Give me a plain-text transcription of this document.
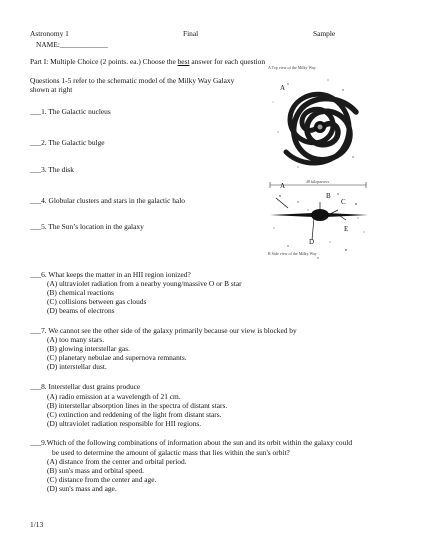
Astronomy 1	Final	Sample
NAME:_____________
Part I: Multiple Choice (2 points. ea.) Choose the best answer for each question
Questions 1-5 refer to the schematic model of the Milky Way Galaxy
shown at right
___1. The Galactic nucleus
___2. The Galactic bulge
___3. The disk
___4. Globular clusters and stars in the galactic halo
___5. The Sun’s location in the galaxy
A Top view of the Milky Way
A
48 kiloparsecs
A
B
C
E
D
B Side view of the Milky Way
___6. What keeps the matter in an HII region ionized?
(A) ultraviolet radiation from a nearby young/massive O or B star
(B) chemical reactions
(C) collisions between gas clouds
(D) beams of electrons
___7. We cannot see the other side of the galaxy primarily because our view is blocked by
(A) too many stars.
(B) glowing interstellar gas.
(C) planetary nebulae and supernova remnants.
(D) interstellar dust.
___8. Interstellar dust grains produce
(A) radio emission at a wavelength of 21 cm.
(B) interstellar absorption lines in the spectra of distant stars.
(C) extinction and reddening of the light from distant stars.
(D) ultraviolet radiation responsible for HII regions.
___9.Which of the following combinations of information about the sun and its orbit within the galaxy could
be used to determine the amount of galactic mass that lies within the sun's orbit?
(A) distance from the center and orbital period.
(B) sun's mass and orbital speed.
(C) distance from the center and age.
(D) sun's mass and age.
1/13
